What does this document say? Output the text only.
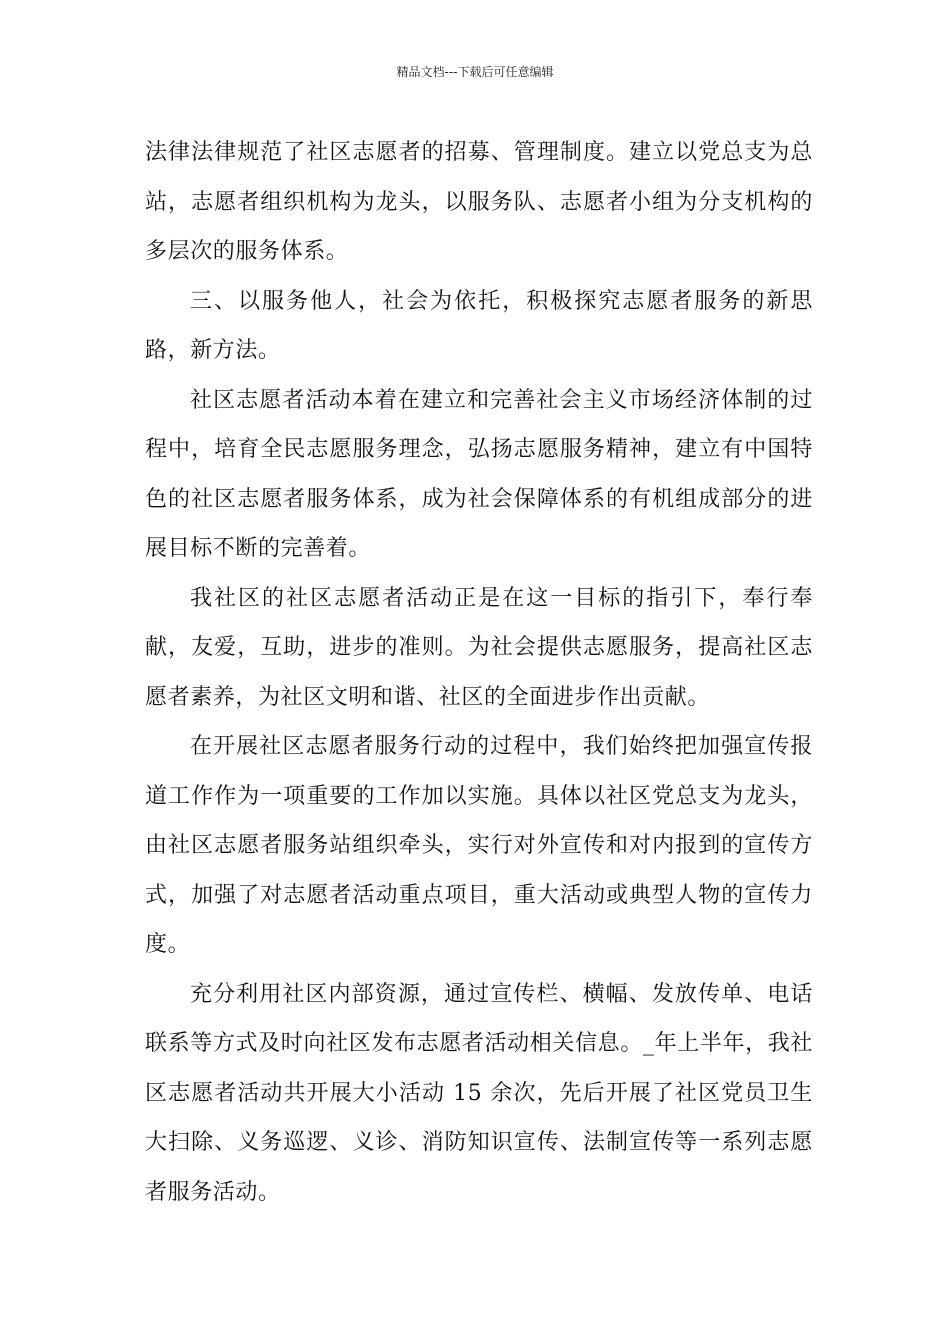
精品文档---下载后可任意编辑

法律法律规范了社区志愿者的招募、管理制度。建立以党总支为总站，志愿者组织机构为龙头，以服务队、志愿者小组为分支机构的多层次的服务体系。

三、以服务他人，社会为依托，积极探究志愿者服务的新思路，新方法。

社区志愿者活动本着在建立和完善社会主义市场经济体制的过程中，培育全民志愿服务理念，弘扬志愿服务精神，建立有中国特色的社区志愿者服务体系，成为社会保障体系的有机组成部分的进展目标不断的完善着。

我社区的社区志愿者活动正是在这一目标的指引下，奉行奉献，友爱，互助，进步的准则。为社会提供志愿服务，提高社区志愿者素养，为社区文明和谐、社区的全面进步作出贡献。

在开展社区志愿者服务行动的过程中，我们始终把加强宣传报道工作作为一项重要的工作加以实施。具体以社区党总支为龙头，由社区志愿者服务站组织牵头，实行对外宣传和对内报到的宣传方式，加强了对志愿者活动重点项目，重大活动或典型人物的宣传力度。

充分利用社区内部资源，通过宣传栏、横幅、发放传单、电话联系等方式及时向社区发布志愿者活动相关信息。_年上半年，我社区志愿者活动共开展大小活动 15 余次，先后开展了社区党员卫生大扫除、义务巡逻、义诊、消防知识宣传、法制宣传等一系列志愿者服务活动。
